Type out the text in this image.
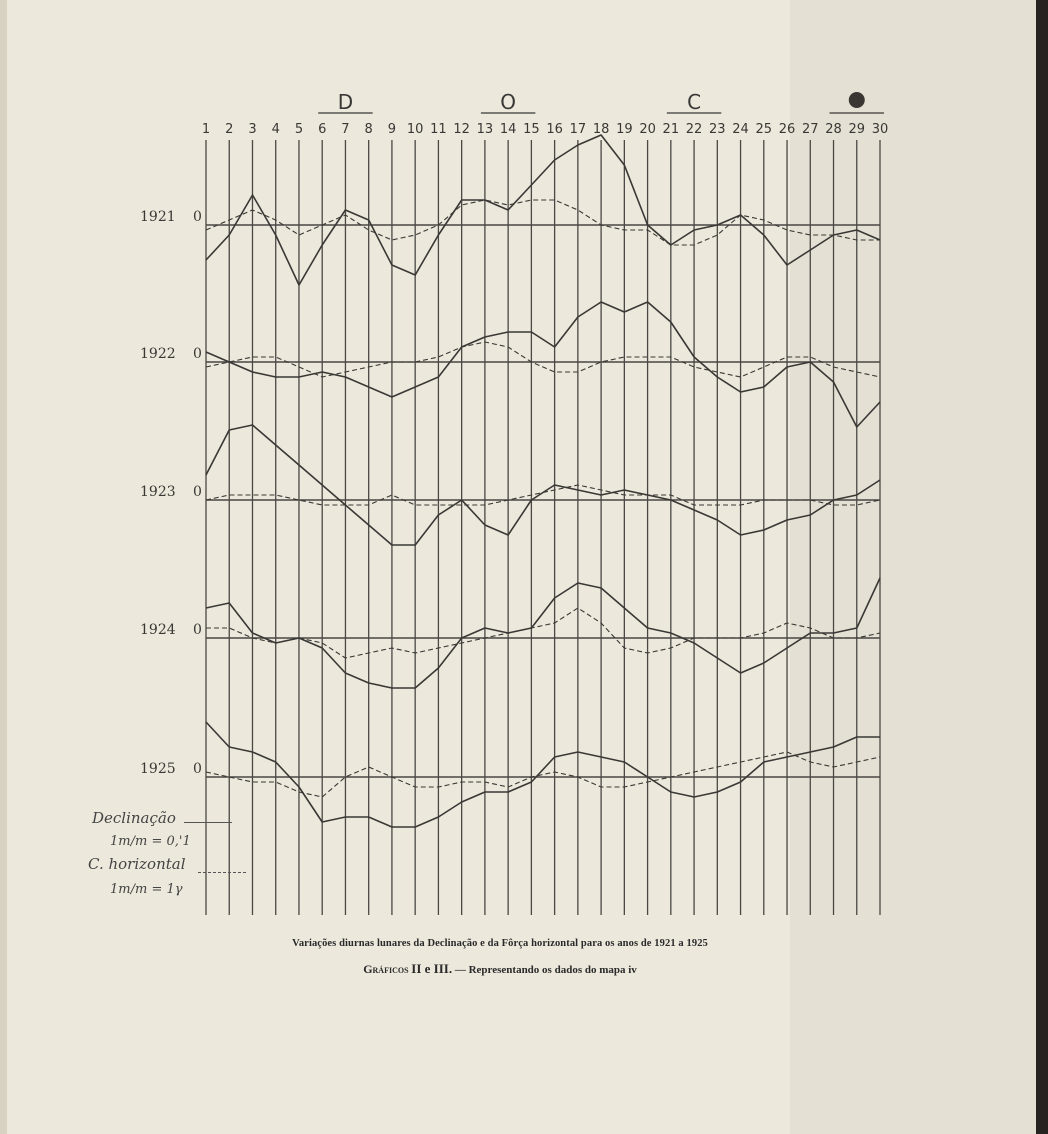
1 2 3 4 5 6 7 8 9 10 11 12 13 14 15 16 17 18 19 20 21 22 23 24 25 26 27 28 29 30
D	O	C
1921 0
1922 0
1923 0
1924 0
1925 0
Declinação
1m/m = 0,'1
C. horizontal
1m/m = 1γ
Variações diurnas lunares da Declinação e da Fôrça horizontal para os anos de 1921 a 1925
Gráficos II e III. — Representando os dados do mapa iv
